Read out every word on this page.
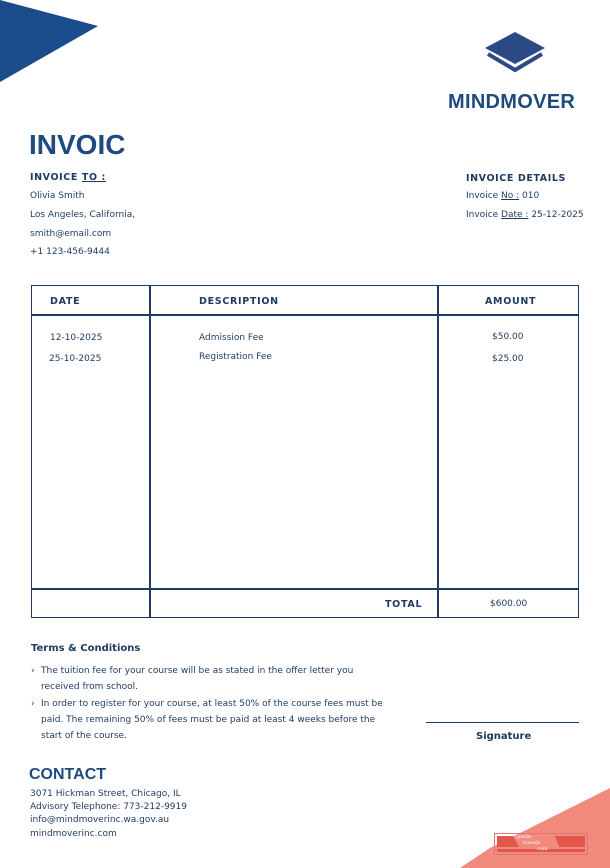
MINDMOVER
INVOIC
INVOICE TO :
Olivia Smith
Los Angeles, California,
smith@email.com
+1 123-456-9444
INVOICE DETAILS
Invoice No : 010
Invoice Date : 25-12-2025
DATE	DESCRIPTION	AMOUNT
12-10-2025	Admission Fee	$50.00
25-10-2025	Registration Fee	$25.00
TOTAL	$600.00
Terms & Conditions
› The tuition fee for your course will be as stated in the offer letter you received from school.
› In order to register for your course, at least 50% of the course fees must be paid. The remaining 50% of fees must be paid at least 4 weeks before the start of the course.	Signature
CONTACT
3071 Hickman Street, Chicago, IL
Advisory Telephone: 773-212-9919
info@mindmoverinc.wa.gov.au
mindmoverinc.com	panle
travels
com
